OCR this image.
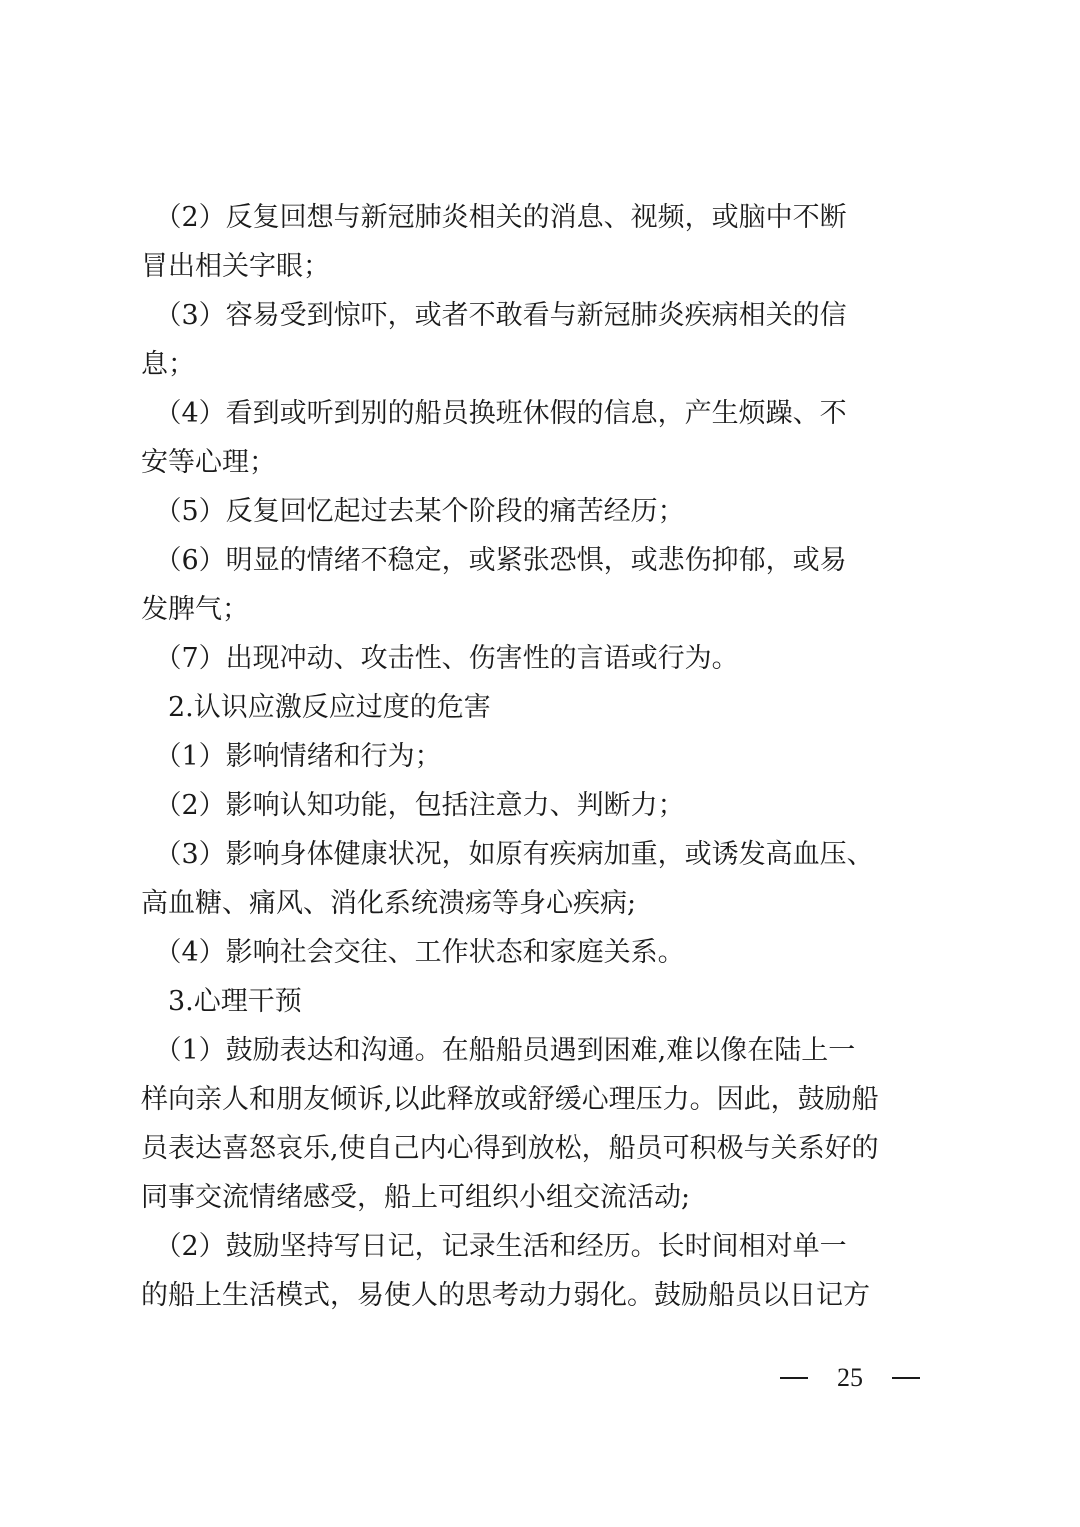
　（2）反复回想与新冠肺炎相关的消息、视频，或脑中不断
冒出相关字眼；
　（3）容易受到惊吓，或者不敢看与新冠肺炎疾病相关的信
息；
　（4）看到或听到别的船员换班休假的信息，产生烦躁、不
安等心理；
　（5）反复回忆起过去某个阶段的痛苦经历；
　（6）明显的情绪不稳定，或紧张恐惧，或悲伤抑郁，或易
发脾气；
　（7）出现冲动、攻击性、伤害性的言语或行为。
　2.认识应激反应过度的危害
　（1）影响情绪和行为；
　（2）影响认知功能，包括注意力、判断力；
　（3）影响身体健康状况，如原有疾病加重，或诱发高血压、
高血糖、痛风、消化系统溃疡等身心疾病;
　（4）影响社会交往、工作状态和家庭关系。
　3.心理干预
　（1）鼓励表达和沟通。在船船员遇到困难,难以像在陆上一
样向亲人和朋友倾诉,以此释放或舒缓心理压力。因此，鼓励船
员表达喜怒哀乐,使自己内心得到放松，船员可积极与关系好的
同事交流情绪感受，船上可组织小组交流活动;
　（2）鼓励坚持写日记，记录生活和经历。长时间相对单一
的船上生活模式，易使人的思考动力弱化。鼓励船员以日记方
25
